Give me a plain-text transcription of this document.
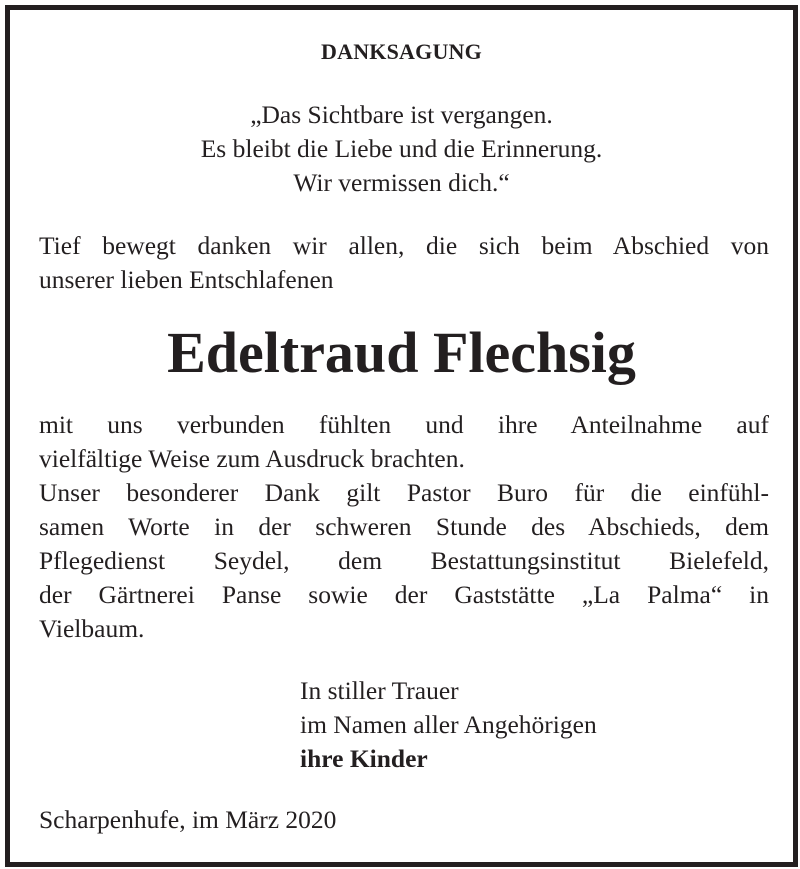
DANKSAGUNG
„Das Sichtbare ist vergangen.
Es bleibt die Liebe und die Erinnerung.
Wir vermissen dich.“
Tief bewegt danken wir allen, die sich beim Abschied von
unserer lieben Entschlafenen
Edeltraud Flechsig
mit uns verbunden fühlten und ihre Anteilnahme auf
vielfältige Weise zum Ausdruck brachten.
Unser besonderer Dank gilt Pastor Buro für die einfühl-
samen Worte in der schweren Stunde des Abschieds, dem
Pflegedienst Seydel, dem Bestattungsinstitut Bielefeld,
der Gärtnerei Panse sowie der Gaststätte „La Palma“ in
Vielbaum.
In stiller Trauer
im Namen aller Angehörigen
ihre Kinder
Scharpenhufe, im März 2020
